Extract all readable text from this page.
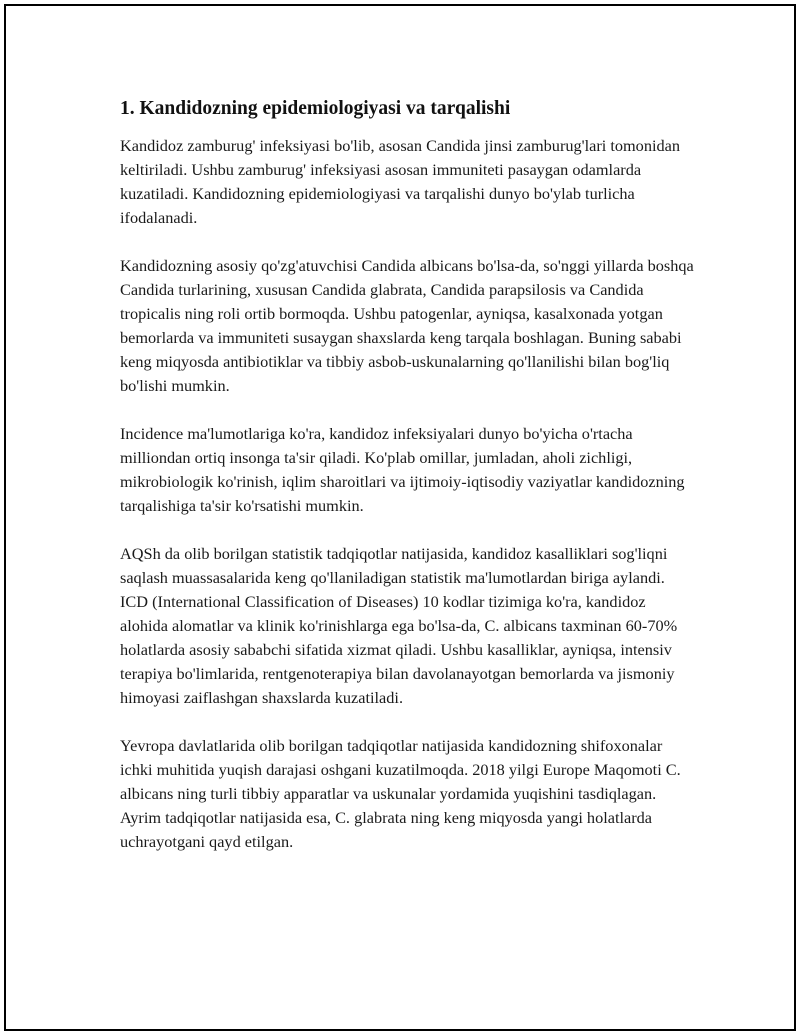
1. Kandidozning epidemiologiyasi va tarqalishi

Kandidoz zamburug' infeksiyasi bo'lib, asosan Candida jinsi zamburug'lari tomonidan keltiriladi. Ushbu zamburug' infeksiyasi asosan immuniteti pasaygan odamlarda kuzatiladi. Kandidozning epidemiologiyasi va tarqalishi dunyo bo'ylab turlicha ifodalanadi.

Kandidozning asosiy qo'zg'atuvchisi Candida albicans bo'lsa-da, so'nggi yillarda boshqa Candida turlarining, xususan Candida glabrata, Candida parapsilosis va Candida tropicalis ning roli ortib bormoqda. Ushbu patogenlar, ayniqsa, kasalxonada yotgan bemorlarda va immuniteti susaygan shaxslarda keng tarqala boshlagan. Buning sababi keng miqyosda antibiotiklar va tibbiy asbob-uskunalarning qo'llanilishi bilan bog'liq bo'lishi mumkin.

Incidence ma'lumotlariga ko'ra, kandidoz infeksiyalari dunyo bo'yicha o'rtacha milliondan ortiq insonga ta'sir qiladi. Ko'plab omillar, jumladan, aholi zichligi, mikrobiologik ko'rinish, iqlim sharoitlari va ijtimoiy-iqtisodiy vaziyatlar kandidozning tarqalishiga ta'sir ko'rsatishi mumkin.

AQSh da olib borilgan statistik tadqiqotlar natijasida, kandidoz kasalliklari sog'liqni saqlash muassasalarida keng qo'llaniladigan statistik ma'lumotlardan biriga aylandi. ICD (International Classification of Diseases) 10 kodlar tizimiga ko'ra, kandidoz alohida alomatlar va klinik ko'rinishlarga ega bo'lsa-da, C. albicans taxminan 60-70% holatlarda asosiy sababchi sifatida xizmat qiladi. Ushbu kasalliklar, ayniqsa, intensiv terapiya bo'limlarida, rentgenoterapiya bilan davolanayotgan bemorlarda va jismoniy himoyasi zaiflashgan shaxslarda kuzatiladi.

Yevropa davlatlarida olib borilgan tadqiqotlar natijasida kandidozning shifoxonalar ichki muhitida yuqish darajasi oshgani kuzatilmoqda. 2018 yilgi Europe Maqomoti C. albicans ning turli tibbiy apparatlar va uskunalar yordamida yuqishini tasdiqlagan. Ayrim tadqiqotlar natijasida esa, C. glabrata ning keng miqyosda yangi holatlarda uchrayotgani qayd etilgan.
